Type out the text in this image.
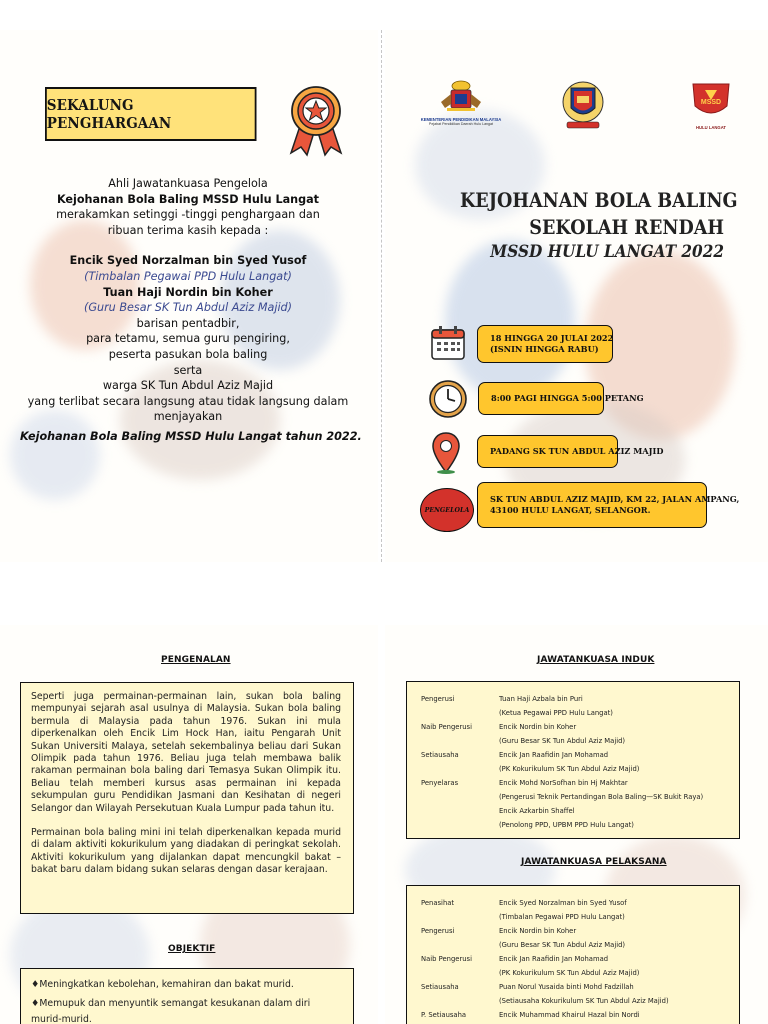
SEKALUNG PENGHARGAAN
Ahli Jawatankuasa Pengelola
Kejohanan Bola Baling MSSD Hulu Langat
merakamkan setinggi -tinggi penghargaan dan
ribuan terima kasih kepada :
Encik Syed Norzalman bin Syed Yusof
(Timbalan Pegawai PPD Hulu Langat)
Tuan Haji Nordin bin Koher
(Guru Besar SK Tun Abdul Aziz Majid)
barisan pentadbir,
para tetamu, semua guru pengiring,
peserta pasukan bola baling
serta
warga SK Tun Abdul Aziz Majid
yang terlibat secara langsung atau tidak langsung dalam
menjayakan
Kejohanan Bola Baling MSSD Hulu Langat tahun 2022.
KEMENTERIAN PENDIDIKAN MALAYSIA
Pejabat Pendidikan Daerah Hulu Langat
MSSD
HULU LANGAT
KEJOHANAN BOLA BALING
SEKOLAH RENDAH
MSSD HULU LANGAT 2022
18 HINGGA 20 JULAI 2022
(ISNIN HINGGA RABU)
8:00 PAGI HINGGA 5:00 PETANG
PADANG SK TUN ABDUL AZIZ MAJID
PENGELOLA
SK TUN ABDUL AZIZ MAJID, KM 22, JALAN AMPANG,
43100 HULU LANGAT, SELANGOR.
PENGENALAN

Seperti juga permainan-permainan lain, sukan bola baling mempunyai sejarah asal usulnya di Malaysia. Sukan bola baling bermula di Malaysia pada tahun 1976. Sukan ini mula diperkenalkan oleh Encik Lim Hock Han, iaitu Pengarah Unit Sukan Universiti Malaya, setelah sekembalinya beliau dari Sukan Olimpik pada tahun 1976. Beliau juga telah membawa balik rakaman permainan bola baling dari Temasya Sukan Olimpik itu. Beliau telah memberi kursus asas permainan ini kepada sekumpulan guru Pendidikan Jasmani dan Kesihatan di negeri Selangor dan Wilayah Persekutuan Kuala Lumpur pada tahun itu.

Permainan bola baling mini ini telah diperkenalkan kepada murid di dalam aktiviti kokurikulum yang diadakan di peringkat sekolah. Aktiviti kokurikulum yang dijalankan dapat mencungkil bakat – bakat baru dalam bidang sukan selaras dengan dasar kerajaan.

OBJEKTIF
♦Meningkatkan kebolehan, kemahiran dan bakat murid.
♦Memupuk dan menyuntik semangat kesukanan dalam diri
murid-murid.
JAWATANKUASA INDUK
Pengerusi	Tuan Haji Azbala bin Puri
(Ketua Pegawai PPD Hulu Langat)
Naib Pengerusi	Encik Nordin bin Koher
(Guru Besar SK Tun Abdul Aziz Majid)
Setiausaha	Encik Jan Raafidin Jan Mohamad
(PK Kokurikulum SK Tun Abdul Aziz Majid)
Penyelaras	Encik Mohd NorSofhan bin Hj Makhtar
(Pengerusi Teknik Pertandingan Bola Baling—SK Bukit Raya)
Encik Azkarbin Shaffel
(Penolong PPD, UPBM PPD Hulu Langat)
JAWATANKUASA PELAKSANA
Penasihat	Encik Syed Norzalman bin Syed Yusof
(Timbalan Pegawai PPD Hulu Langat)
Pengerusi	Encik Nordin bin Koher
(Guru Besar SK Tun Abdul Aziz Majid)
Naib Pengerusi	Encik Jan Raafidin Jan Mohamad
(PK Kokurikulum SK Tun Abdul Aziz Majid)
Setiausaha	Puan Norul Yusaida binti Mohd Fadzillah
(Setiausaha Kokurikulum SK Tun Abdul Aziz Majid)
P. Setiausaha	Encik Muhammad Khairul Hazal bin Nordi
